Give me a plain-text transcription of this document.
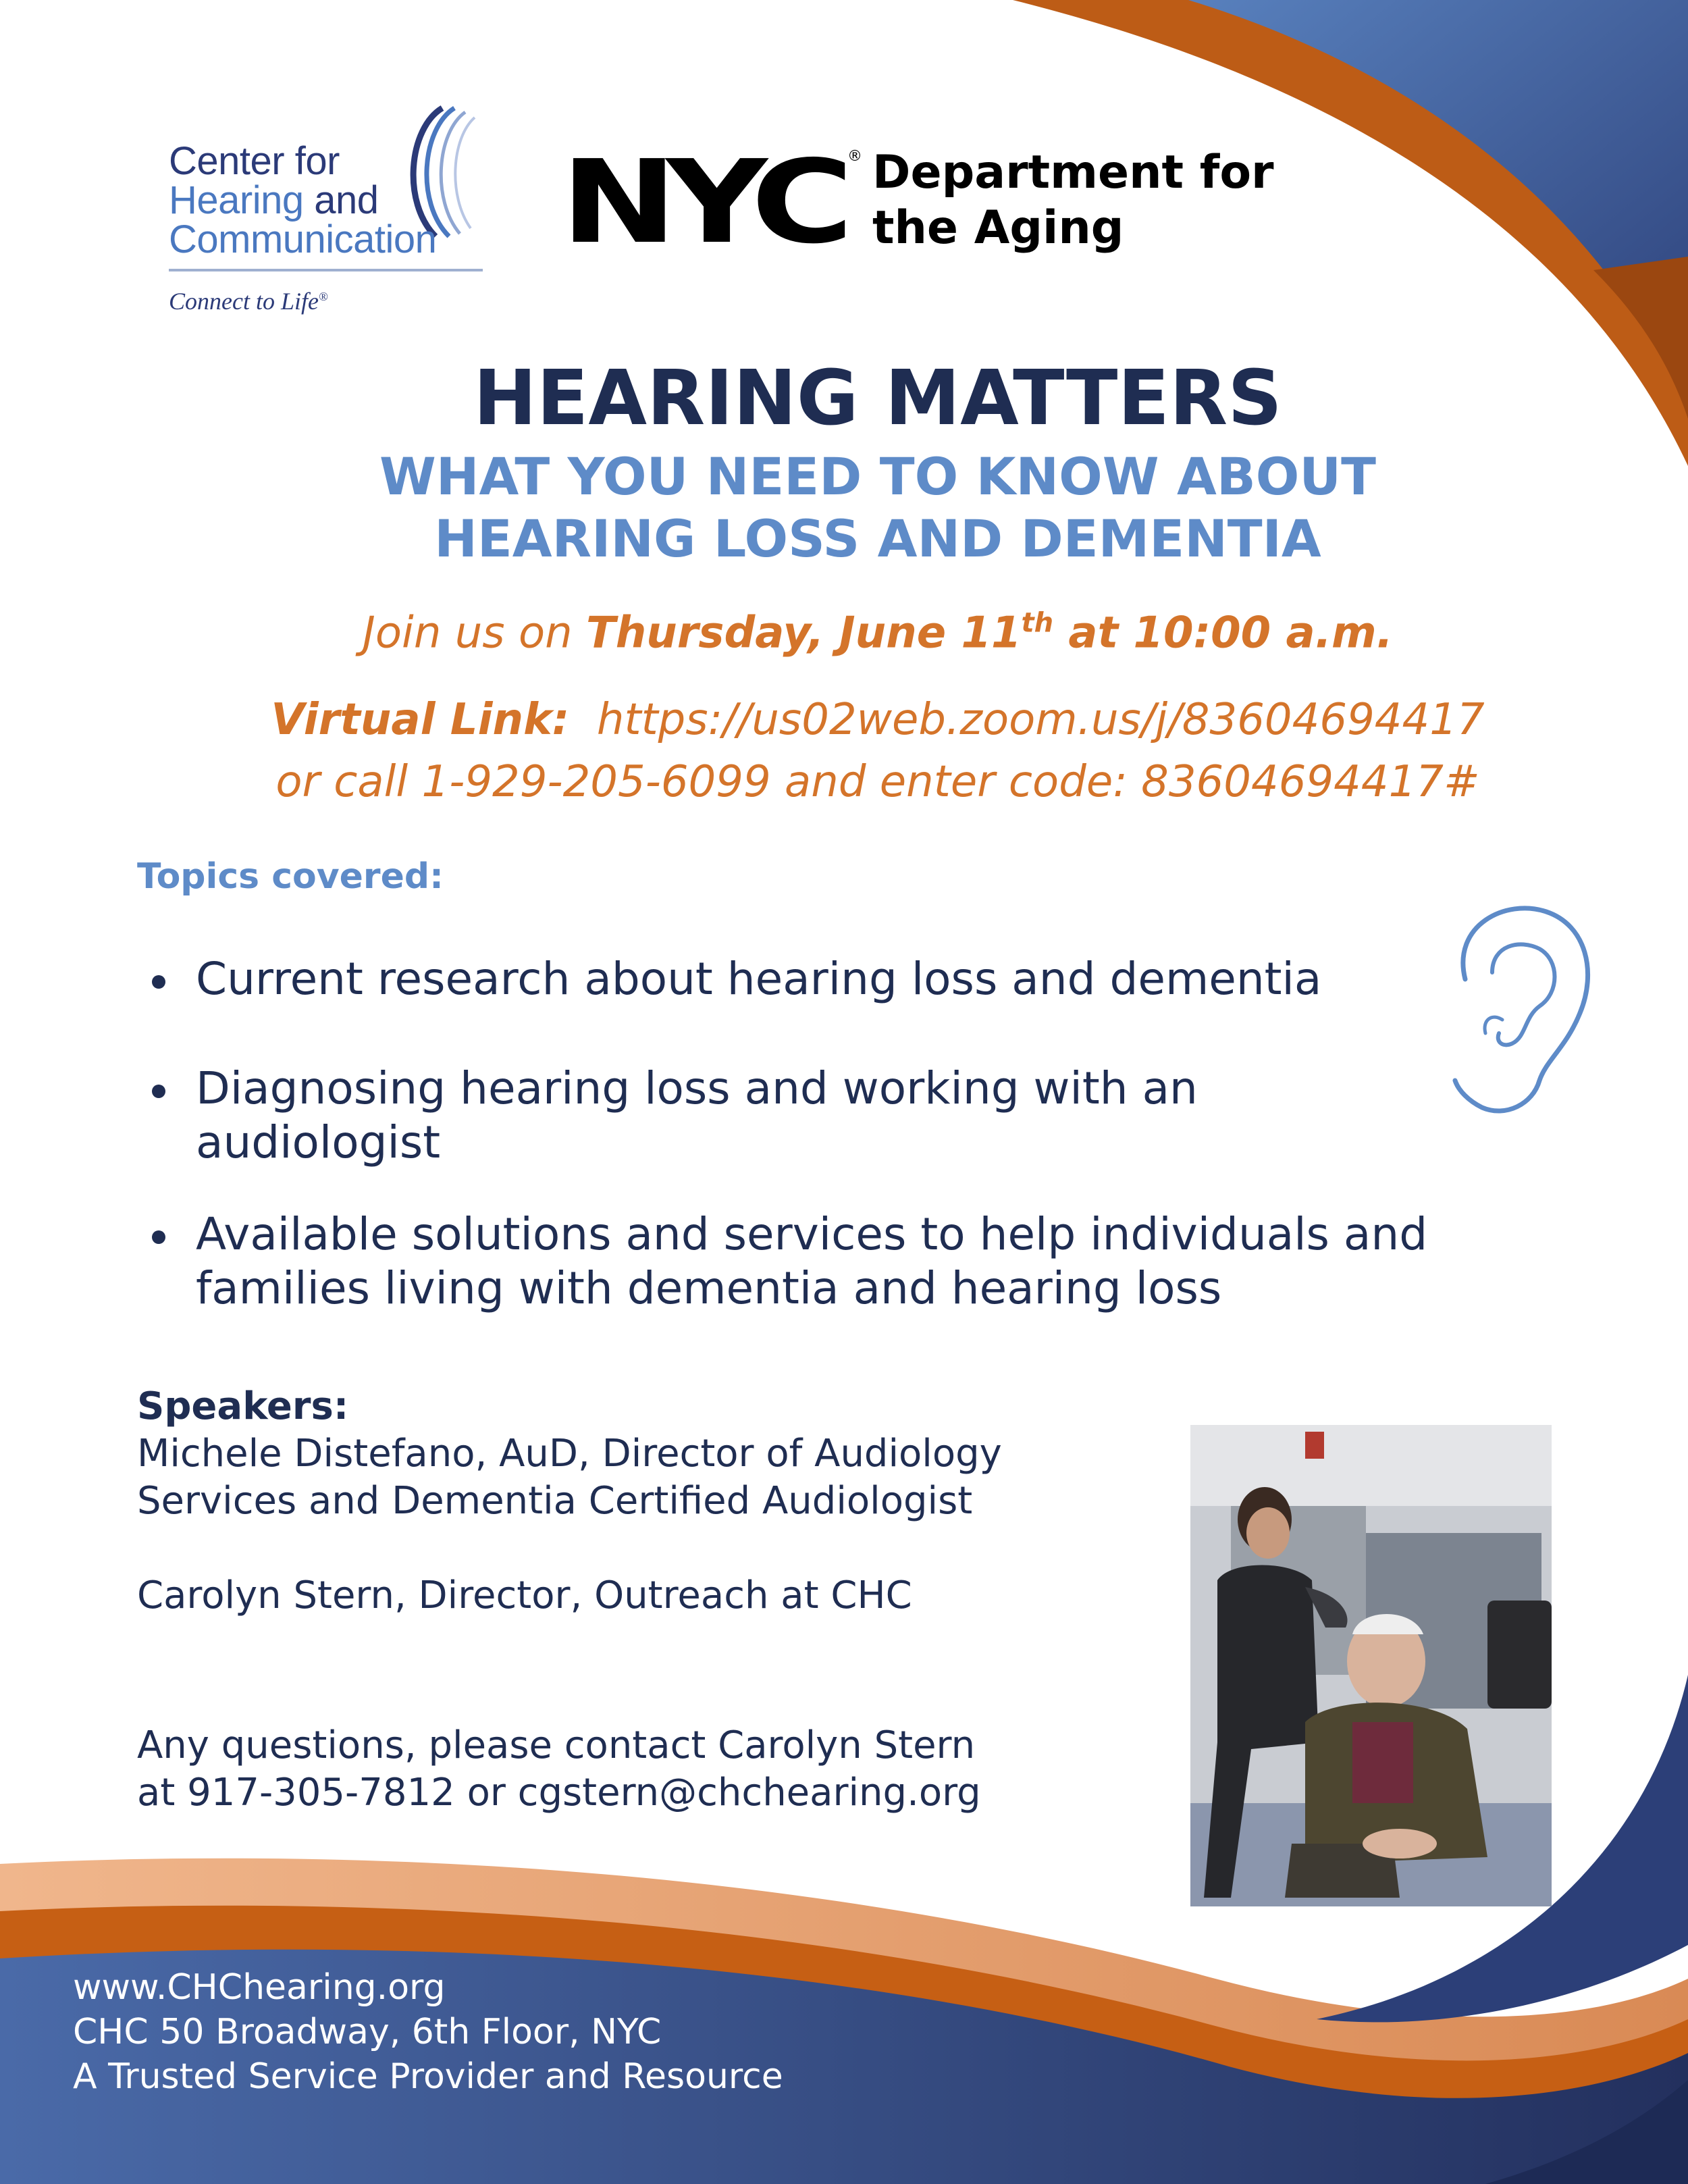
Center for
Hearing and
Communication
Connect to Life®
NYC ® Department for
the Aging
HEARING MATTERS
WHAT YOU NEED TO KNOW ABOUT
HEARING LOSS AND DEMENTIA
Join us on Thursday, June 11th at 10:00 a.m.
Virtual Link: https://us02web.zoom.us/j/83604694417
or call 1-929-205-6099 and enter code: 83604694417#
Topics covered:
Current research about hearing loss and dementia
Diagnosing hearing loss and working with an audiologist
Available solutions and services to help individuals and families living with dementia and hearing loss
Speakers:
Michele Distefano, AuD, Director of Audiology
Services and Dementia Certified Audiologist
Carolyn Stern, Director, Outreach at CHC
Any questions, please contact Carolyn Stern
at 917-305-7812 or cgstern@chchearing.org
www.CHChearing.org
CHC 50 Broadway, 6th Floor, NYC
A Trusted Service Provider and Resource
